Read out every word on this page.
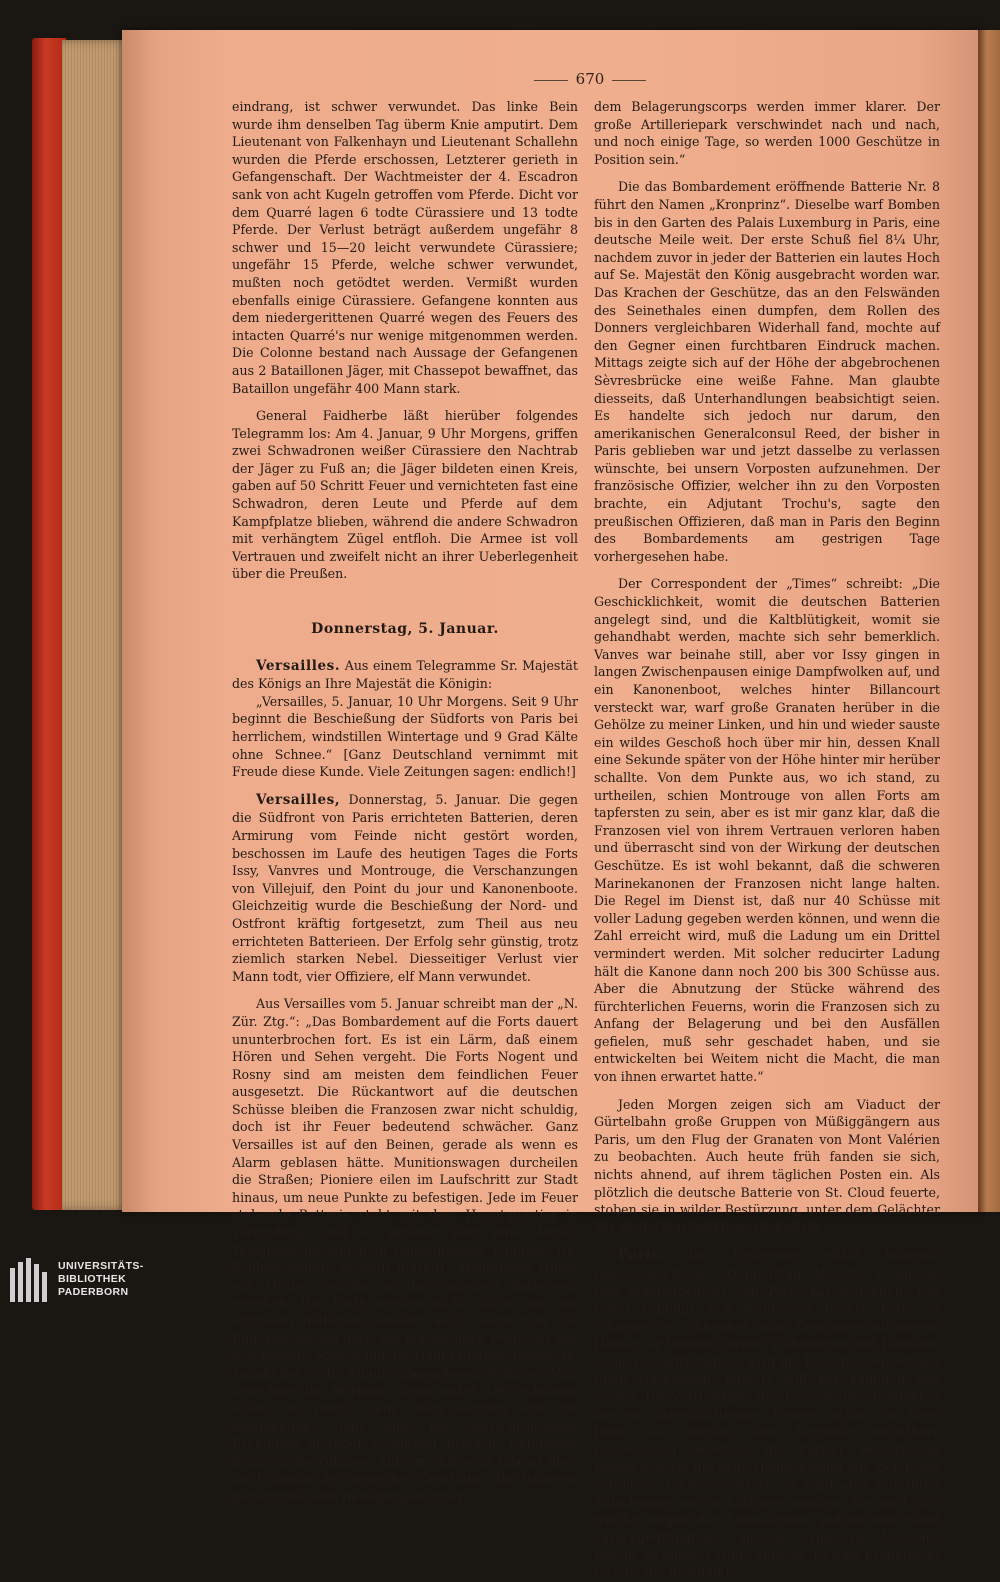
670

eindrang, ist schwer verwundet. Das linke Bein wurde ihm denselben Tag überm Knie amputirt. Dem Lieutenant von Falkenhayn und Lieutenant Schallehn wurden die Pferde erschossen, Letzterer gerieth in Gefangenschaft. Der Wachtmeister der 4. Escadron sank von acht Kugeln getroffen vom Pferde. Dicht vor dem Quarré lagen 6 todte Cürassiere und 13 todte Pferde. Der Verlust beträgt außerdem ungefähr 8 schwer und 15—20 leicht verwundete Cürassiere; ungefähr 15 Pferde, welche schwer verwundet, mußten noch getödtet werden. Vermißt wurden ebenfalls einige Cürassiere. Gefangene konnten aus dem niedergerittenen Quarré wegen des Feuers des intacten Quarré's nur wenige mitgenommen werden. Die Colonne bestand nach Aussage der Gefangenen aus 2 Bataillonen Jäger, mit Chassepot bewaffnet, das Bataillon ungefähr 400 Mann stark.

General Faidherbe läßt hierüber folgendes Telegramm los: Am 4. Januar, 9 Uhr Morgens, griffen zwei Schwadronen weißer Cürassiere den Nachtrab der Jäger zu Fuß an; die Jäger bildeten einen Kreis, gaben auf 50 Schritt Feuer und vernichteten fast eine Schwadron, deren Leute und Pferde auf dem Kampfplatze blieben, während die andere Schwadron mit verhängtem Zügel entfloh. Die Armee ist voll Vertrauen und zweifelt nicht an ihrer Ueberlegenheit über die Preußen.

Donnerstag, 5. Januar.

Versailles. Aus einem Telegramme Sr. Majestät des Königs an Ihre Majestät die Königin:

„Versailles, 5. Januar, 10 Uhr Morgens. Seit 9 Uhr beginnt die Beschießung der Südforts von Paris bei herrlichem, windstillen Wintertage und 9 Grad Kälte ohne Schnee.“ [Ganz Deutschland vernimmt mit Freude diese Kunde. Viele Zeitungen sagen: endlich!]

Versailles, Donnerstag, 5. Januar. Die gegen die Südfront von Paris errichteten Batterien, deren Armirung vom Feinde nicht gestört worden, beschossen im Laufe des heutigen Tages die Forts Issy, Vanvres und Montrouge, die Verschanzungen von Villejuif, den Point du jour und Kanonenboote. Gleichzeitig wurde die Beschießung der Nord- und Ostfront kräftig fortgesetzt, zum Theil aus neu errichteten Batterieen. Der Erfolg sehr günstig, trotz ziemlich starken Nebel. Diesseitiger Verlust vier Mann todt, vier Offiziere, elf Mann verwundet.

Aus Versailles vom 5. Januar schreibt man der „N. Zür. Ztg.“: „Das Bombardement auf die Forts dauert ununterbrochen fort. Es ist ein Lärm, daß einem Hören und Sehen vergeht. Die Forts Nogent und Rosny sind am meisten dem feindlichen Feuer ausgesetzt. Die Rückantwort auf die deutschen Schüsse bleiben die Franzosen zwar nicht schuldig, doch ist ihr Feuer bedeutend schwächer. Ganz Versailles ist auf den Beinen, gerade als wenn es Alarm geblasen hätte. Munitionswagen durcheilen die Straßen; Pioniere eilen im Laufschritt zur Stadt hinaus, um neue Punkte zu befestigen. Jede im Feuer stehende Batterie steht mit dem Hauptquartier in Verbindung, und es arbeitet dort eine Anzahl Telegraphenbeamten in bombenfesten Räumen. Die Schlußresultate werden markirt, Meldungen laufen ein, Ordres werden an die einzelnen Batterieen gegeben. Die Forts werden nicht allein von den einzelnen Batterien, sondern auch, wenn man das Bild gebrauchen darf, von der hiesigen Präfectur aus beschossen. Man kennt im Hauptquartier genau die Anzahl der in der Minute abgegebenen Schüsse. Man berechnet die Wirkung, denn unter 100 Schüssen sollen 90 Treffer sein; doch könnten erst die kommenden Tage und die fortschreitenden Ereignisse hierüber Gewißheit bringen. Gefangene französische Offiziere äußern sich sehr lobend über die Präzision der deutschen Geschütze. Die früheren geheimnißvollen Bewegungen unter

dem Belagerungscorps werden immer klarer. Der große Artilleriepark verschwindet nach und nach, und noch einige Tage, so werden 1000 Geschütze in Position sein.“

Die das Bombardement eröffnende Batterie Nr. 8 führt den Namen „Kronprinz“. Dieselbe warf Bomben bis in den Garten des Palais Luxemburg in Paris, eine deutsche Meile weit. Der erste Schuß fiel 8¼ Uhr, nachdem zuvor in jeder der Batterien ein lautes Hoch auf Se. Majestät den König ausgebracht worden war. Das Krachen der Geschütze, das an den Felswänden des Seinethales einen dumpfen, dem Rollen des Donners vergleichbaren Widerhall fand, mochte auf den Gegner einen furchtbaren Eindruck machen. Mittags zeigte sich auf der Höhe der abgebrochenen Sèvresbrücke eine weiße Fahne. Man glaubte diesseits, daß Unterhandlungen beabsichtigt seien. Es handelte sich jedoch nur darum, den amerikanischen Generalconsul Reed, der bisher in Paris geblieben war und jetzt dasselbe zu verlassen wünschte, bei unsern Vorposten aufzunehmen. Der französische Offizier, welcher ihn zu den Vorposten brachte, ein Adjutant Trochu's, sagte den preußischen Offizieren, daß man in Paris den Beginn des Bombardements am gestrigen Tage vorhergesehen habe.

Der Correspondent der „Times“ schreibt: „Die Geschicklichkeit, womit die deutschen Batterien angelegt sind, und die Kaltblütigkeit, womit sie gehandhabt werden, machte sich sehr bemerklich. Vanves war beinahe still, aber vor Issy gingen in langen Zwischenpausen einige Dampfwolken auf, und ein Kanonenboot, welches hinter Billancourt versteckt war, warf große Granaten herüber in die Gehölze zu meiner Linken, und hin und wieder sauste ein wildes Geschoß hoch über mir hin, dessen Knall eine Sekunde später von der Höhe hinter mir herüber schallte. Von dem Punkte aus, wo ich stand, zu urtheilen, schien Montrouge von allen Forts am tapfersten zu sein, aber es ist mir ganz klar, daß die Franzosen viel von ihrem Vertrauen verloren haben und überrascht sind von der Wirkung der deutschen Geschütze. Es ist wohl bekannt, daß die schweren Marinekanonen der Franzosen nicht lange halten. Die Regel im Dienst ist, daß nur 40 Schüsse mit voller Ladung gegeben werden können, und wenn die Zahl erreicht wird, muß die Ladung um ein Drittel vermindert werden. Mit solcher reducirter Ladung hält die Kanone dann noch 200 bis 300 Schüsse aus. Aber die Abnutzung der Stücke während des fürchterlichen Feuerns, worin die Franzosen sich zu Anfang der Belagerung und bei den Ausfällen gefielen, muß sehr geschadet haben, und sie entwickelten bei Weitem nicht die Macht, die man von ihnen erwartet hatte.“

Jeden Morgen zeigen sich am Viaduct der Gürtelbahn große Gruppen von Müßiggängern aus Paris, um den Flug der Granaten von Mont Valérien zu beobachten. Auch heute früh fanden sie sich, nichts ahnend, auf ihrem täglichen Posten ein. Als plötzlich die deutsche Batterie von St. Cloud feuerte, stoben sie in wilder Bestürzung, unter dem Gelächter der deutschen Soldaten, rückwärts.

Paris. Die Regierung erläßt folgende Bekanntmachung: „Donnerstag Abends, 5. Januar. Das Bombardement von Paris hat begonnen. Der Feind begnügt sich nicht, auf unsere Forts zu schießen, er schleudert seine Geschosse auf unsere Häuser, er bedroht unsere Wohnungen und Familien. Seine Gewaltthätigkeit wird die Entschlossenheit der Stadt verdoppeln; letztere will nur kämpfen und siegen. Die Vertheidiger der Forts verlieren inmitten des sie überschüttenden Feuers nichts von ihrer Ruhe, sie werden dem Angreifer furchtbare Repressalien bereiten. Die Pariser Bevölkerung nimmt beherzt die neue Heimsuchung auf. Der Feind glaubt sie einzuschüchtern, er wird aber nur ihren Aufschwung um so kräftiger machen. Sie wird sich würdig zeigen der Loire-Armee, welche den Feind zurückgedrängt hat, und der Armee des Nordens, welche zu unserer Hülfe anrückt. Es lebe Frankreich! Es lebe die Republik!“

UNIVERSITÄTS-
BIBLIOTHEK
PADERBORN
